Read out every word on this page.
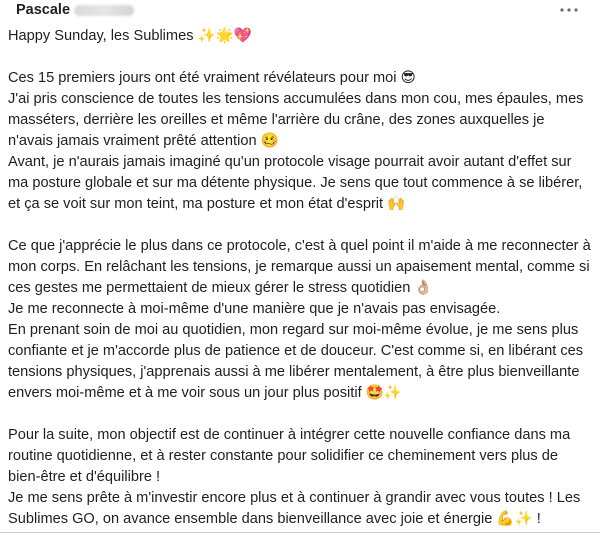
Pascale

Happy Sunday, les Sublimes ✨🌟💖

Ces 15 premiers jours ont été vraiment révélateurs pour moi 😎

J'ai pris conscience de toutes les tensions accumulées dans mon cou, mes épaules, mes masséters, derrière les oreilles et même l'arrière du crâne, des zones auxquelles je n'avais jamais vraiment prêté attention 🥴

Avant, je n'aurais jamais imaginé qu'un protocole visage pourrait avoir autant d'effet sur ma posture globale et sur ma détente physique. Je sens que tout commence à se libérer, et ça se voit sur mon teint, ma posture et mon état d'esprit 🙌

Ce que j'apprécie le plus dans ce protocole, c'est à quel point il m'aide à me reconnecter à mon corps. En relâchant les tensions, je remarque aussi un apaisement mental, comme si ces gestes me permettaient de mieux gérer le stress quotidien 👌🏼

Je me reconnecte à moi-même d'une manière que je n'avais pas envisagée.

En prenant soin de moi au quotidien, mon regard sur moi-même évolue, je me sens plus confiante et je m'accorde plus de patience et de douceur. C'est comme si, en libérant ces tensions physiques, j'apprenais aussi à me libérer mentalement, à être plus bienveillante envers moi-même et à me voir sous un jour plus positif 🤩✨

Pour la suite, mon objectif est de continuer à intégrer cette nouvelle confiance dans ma routine quotidienne, et à rester constante pour solidifier ce cheminement vers plus de bien-être et d'équilibre !

Je me sens prête à m'investir encore plus et à continuer à grandir avec vous toutes ! Les Sublimes GO, on avance ensemble dans bienveillance avec joie et énergie 💪✨ !
